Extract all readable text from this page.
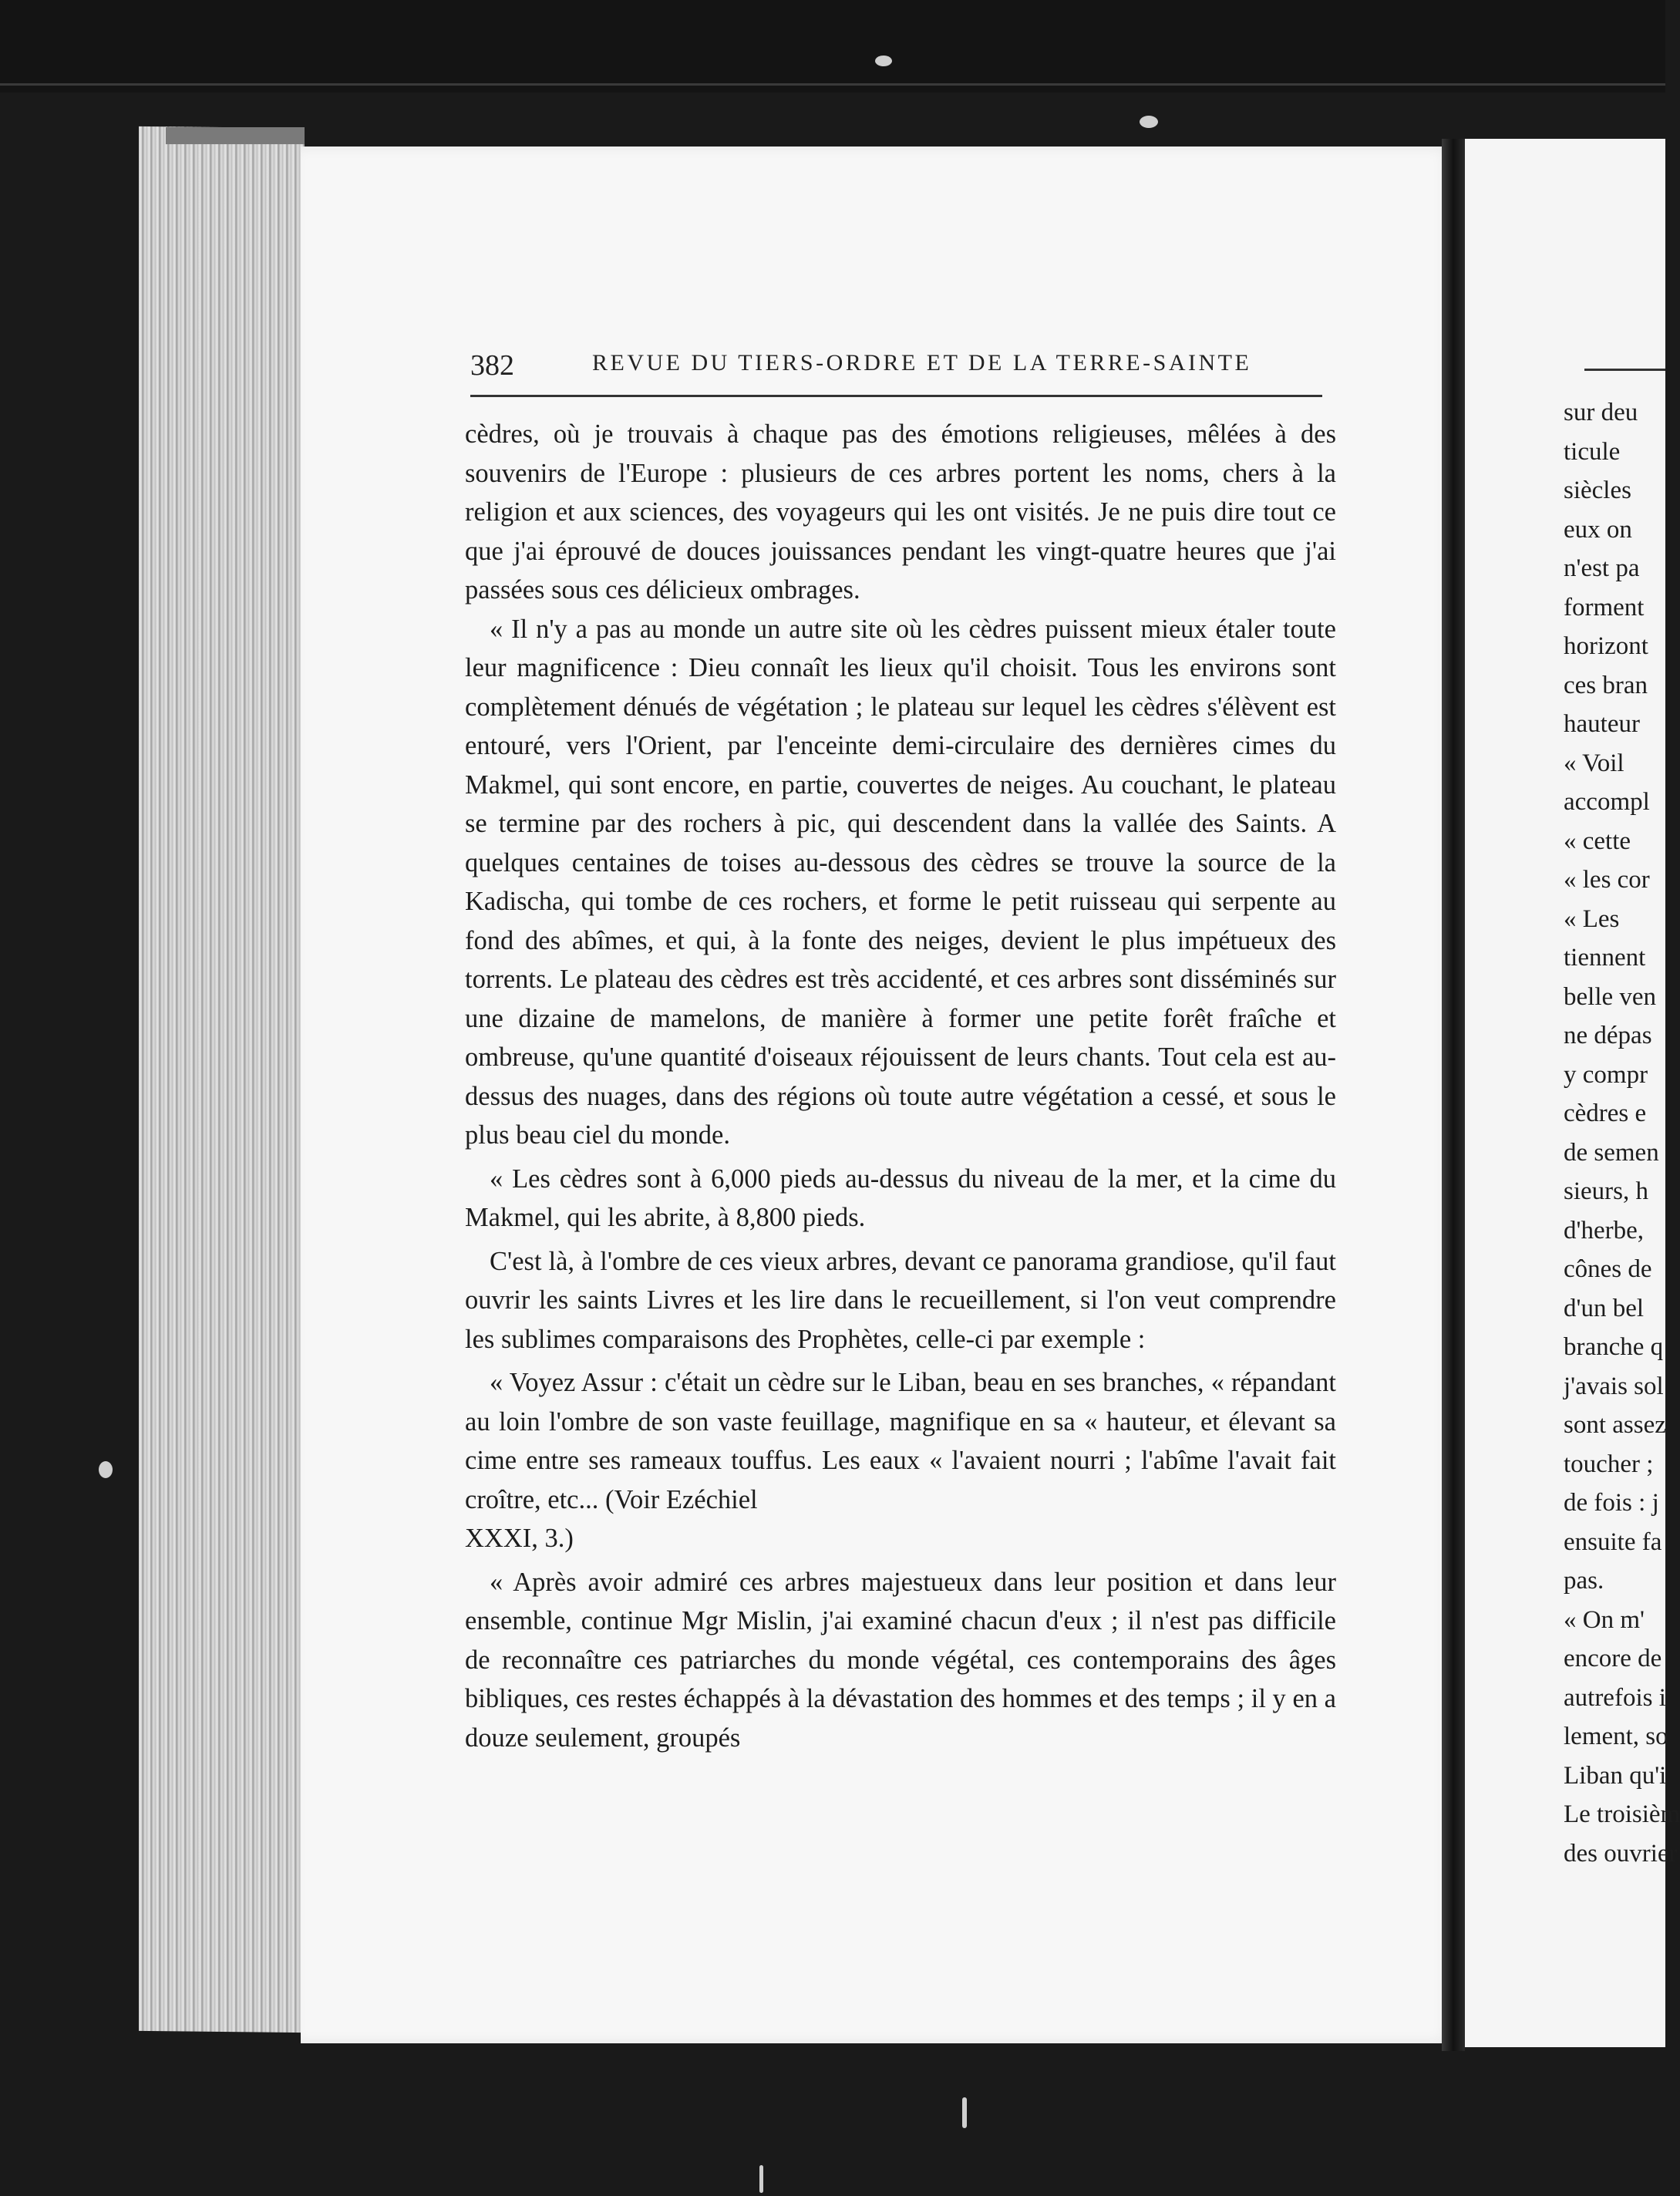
382	REVUE DU TIERS-ORDRE ET DE LA TERRE-SAINTE

cèdres, où je trouvais à chaque pas des émotions religieuses, mêlées à des souvenirs de l'Europe : plusieurs de ces arbres portent les noms, chers à la religion et aux sciences, des voyageurs qui les ont visités. Je ne puis dire tout ce que j'ai éprouvé de douces jouissances pendant les vingt-quatre heures que j'ai passées sous ces délicieux ombrages.

« Il n'y a pas au monde un autre site où les cèdres puissent mieux étaler toute leur magnificence : Dieu connaît les lieux qu'il choisit. Tous les environs sont complètement dénués de végétation ; le plateau sur lequel les cèdres s'élèvent est entouré, vers l'Orient, par l'enceinte demi-circulaire des dernières cimes du Makmel, qui sont encore, en partie, couvertes de neiges. Au couchant, le plateau se termine par des rochers à pic, qui descendent dans la vallée des Saints. A quelques centaines de toises au-dessous des cèdres se trouve la source de la Kadischa, qui tombe de ces rochers, et forme le petit ruisseau qui serpente au fond des abîmes, et qui, à la fonte des neiges, devient le plus impétueux des torrents. Le plateau des cèdres est très accidenté, et ces arbres sont disséminés sur une dizaine de mamelons, de manière à former une petite forêt fraîche et ombreuse, qu'une quantité d'oiseaux réjouissent de leurs chants. Tout cela est au-dessus des nuages, dans des régions où toute autre végétation a cessé, et sous le plus beau ciel du monde.

« Les cèdres sont à 6,000 pieds au-dessus du niveau de la mer, et la cime du Makmel, qui les abrite, à 8,800 pieds.

C'est là, à l'ombre de ces vieux arbres, devant ce panorama grandiose, qu'il faut ouvrir les saints Livres et les lire dans le recueillement, si l'on veut comprendre les sublimes comparaisons des Prophètes, celle-ci par exemple :

« Voyez Assur : c'était un cèdre sur le Liban, beau en ses branches, « répandant au loin l'ombre de son vaste feuillage, magnifique en sa « hauteur, et élevant sa cime entre ses rameaux touffus. Les eaux « l'avaient nourri ; l'abîme l'avait fait croître, etc... (Voir Ezéchiel

XXXI, 3.)

« Après avoir admiré ces arbres majestueux dans leur position et dans leur ensemble, continue Mgr Mislin, j'ai examiné chacun d'eux ; il n'est pas difficile de reconnaître ces patriarches du monde végétal, ces contemporains des âges bibliques, ces restes échappés à la dévastation des hommes et des temps ; il y en a douze seulement, groupés

sur deu
ticule
siècles
eux on
n'est pa
forment
horizont
ces bran
hauteur
« Voil
accompl
« cette
« les cor
« Les
tiennent
belle ven
ne dépas
y compr
cèdres e
de semen
sieurs, h
d'herbe,
cônes de
d'un bel
branche q
j'avais sol
sont assez
toucher ;
de fois : j
ensuite fa
pas.
« On m'
encore de
autrefois i
lement, so
Liban qu'i
Le troisièm
des ouvrier
